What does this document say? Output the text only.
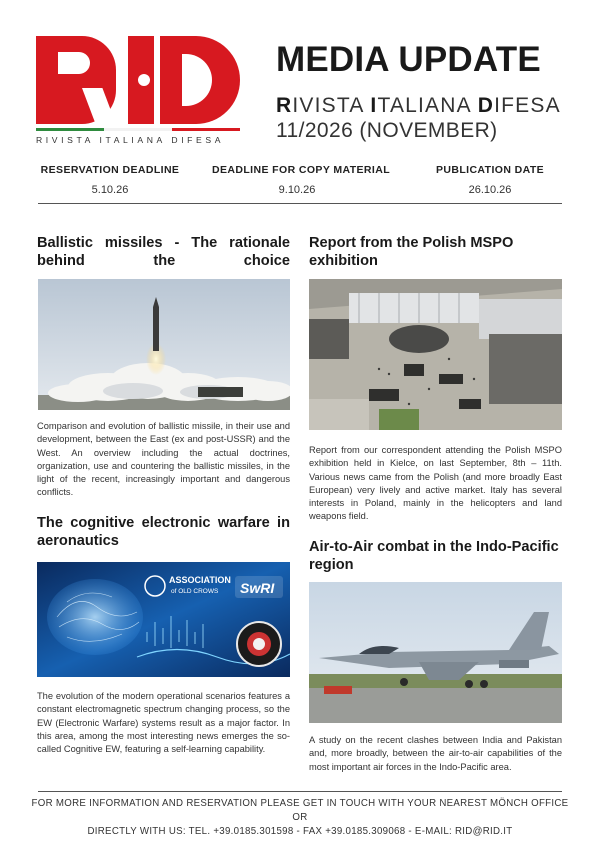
RIVISTA ITALIANA DIFESA
MEDIA UPDATE
RIVISTA ITALIANA DIFESA
11/2026 (NOVEMBER)
RESERVATION DEADLINE
5.10.26
DEADLINE FOR COPY MATERIAL
9.10.26
PUBLICATION DATE
26.10.26
Ballistic missiles - The rationale behind the choice
Comparison and evolution of ballistic missile, in their use and development, between the East (ex and post-USSR) and the West. An overview including the actual doctrines, organization, use and countering the ballistic missiles, in the light of the recent, increasingly important and dangerous conflicts.
The cognitive electronic warfare in aeronautics
ASSOCIATION
of OLD CROWS SwRI
The evolution of the modern operational scenarios features a constant electromagnetic spectrum changing process, so the EW (Electronic Warfare) systems result as a major factor. In this area, among the most interesting news emerges the so-called Cognitive EW, featuring a self-learning capability.
Report from the Polish MSPO exhibition
Report from our correspondent attending the Polish MSPO exhibition held in Kielce, on last September, 8th – 11th. Various news came from the Polish (and more broadly East European) very lively and active market. Italy has several interests in Poland, mainly in the helicopters and land weapons field.
Air-to-Air combat in the Indo-Pacific region
A study on the recent clashes between India and Pakistan and, more broadly, between the air-to-air capabilities of the most important air forces in the Indo-Pacific area.
FOR MORE INFORMATION AND RESERVATION PLEASE GET IN TOUCH WITH YOUR NEAREST MÖNCH OFFICE OR
DIRECTLY WITH US: TEL. +39.0185.301598 - FAX +39.0185.309068 - E-MAIL: RID@RID.IT
